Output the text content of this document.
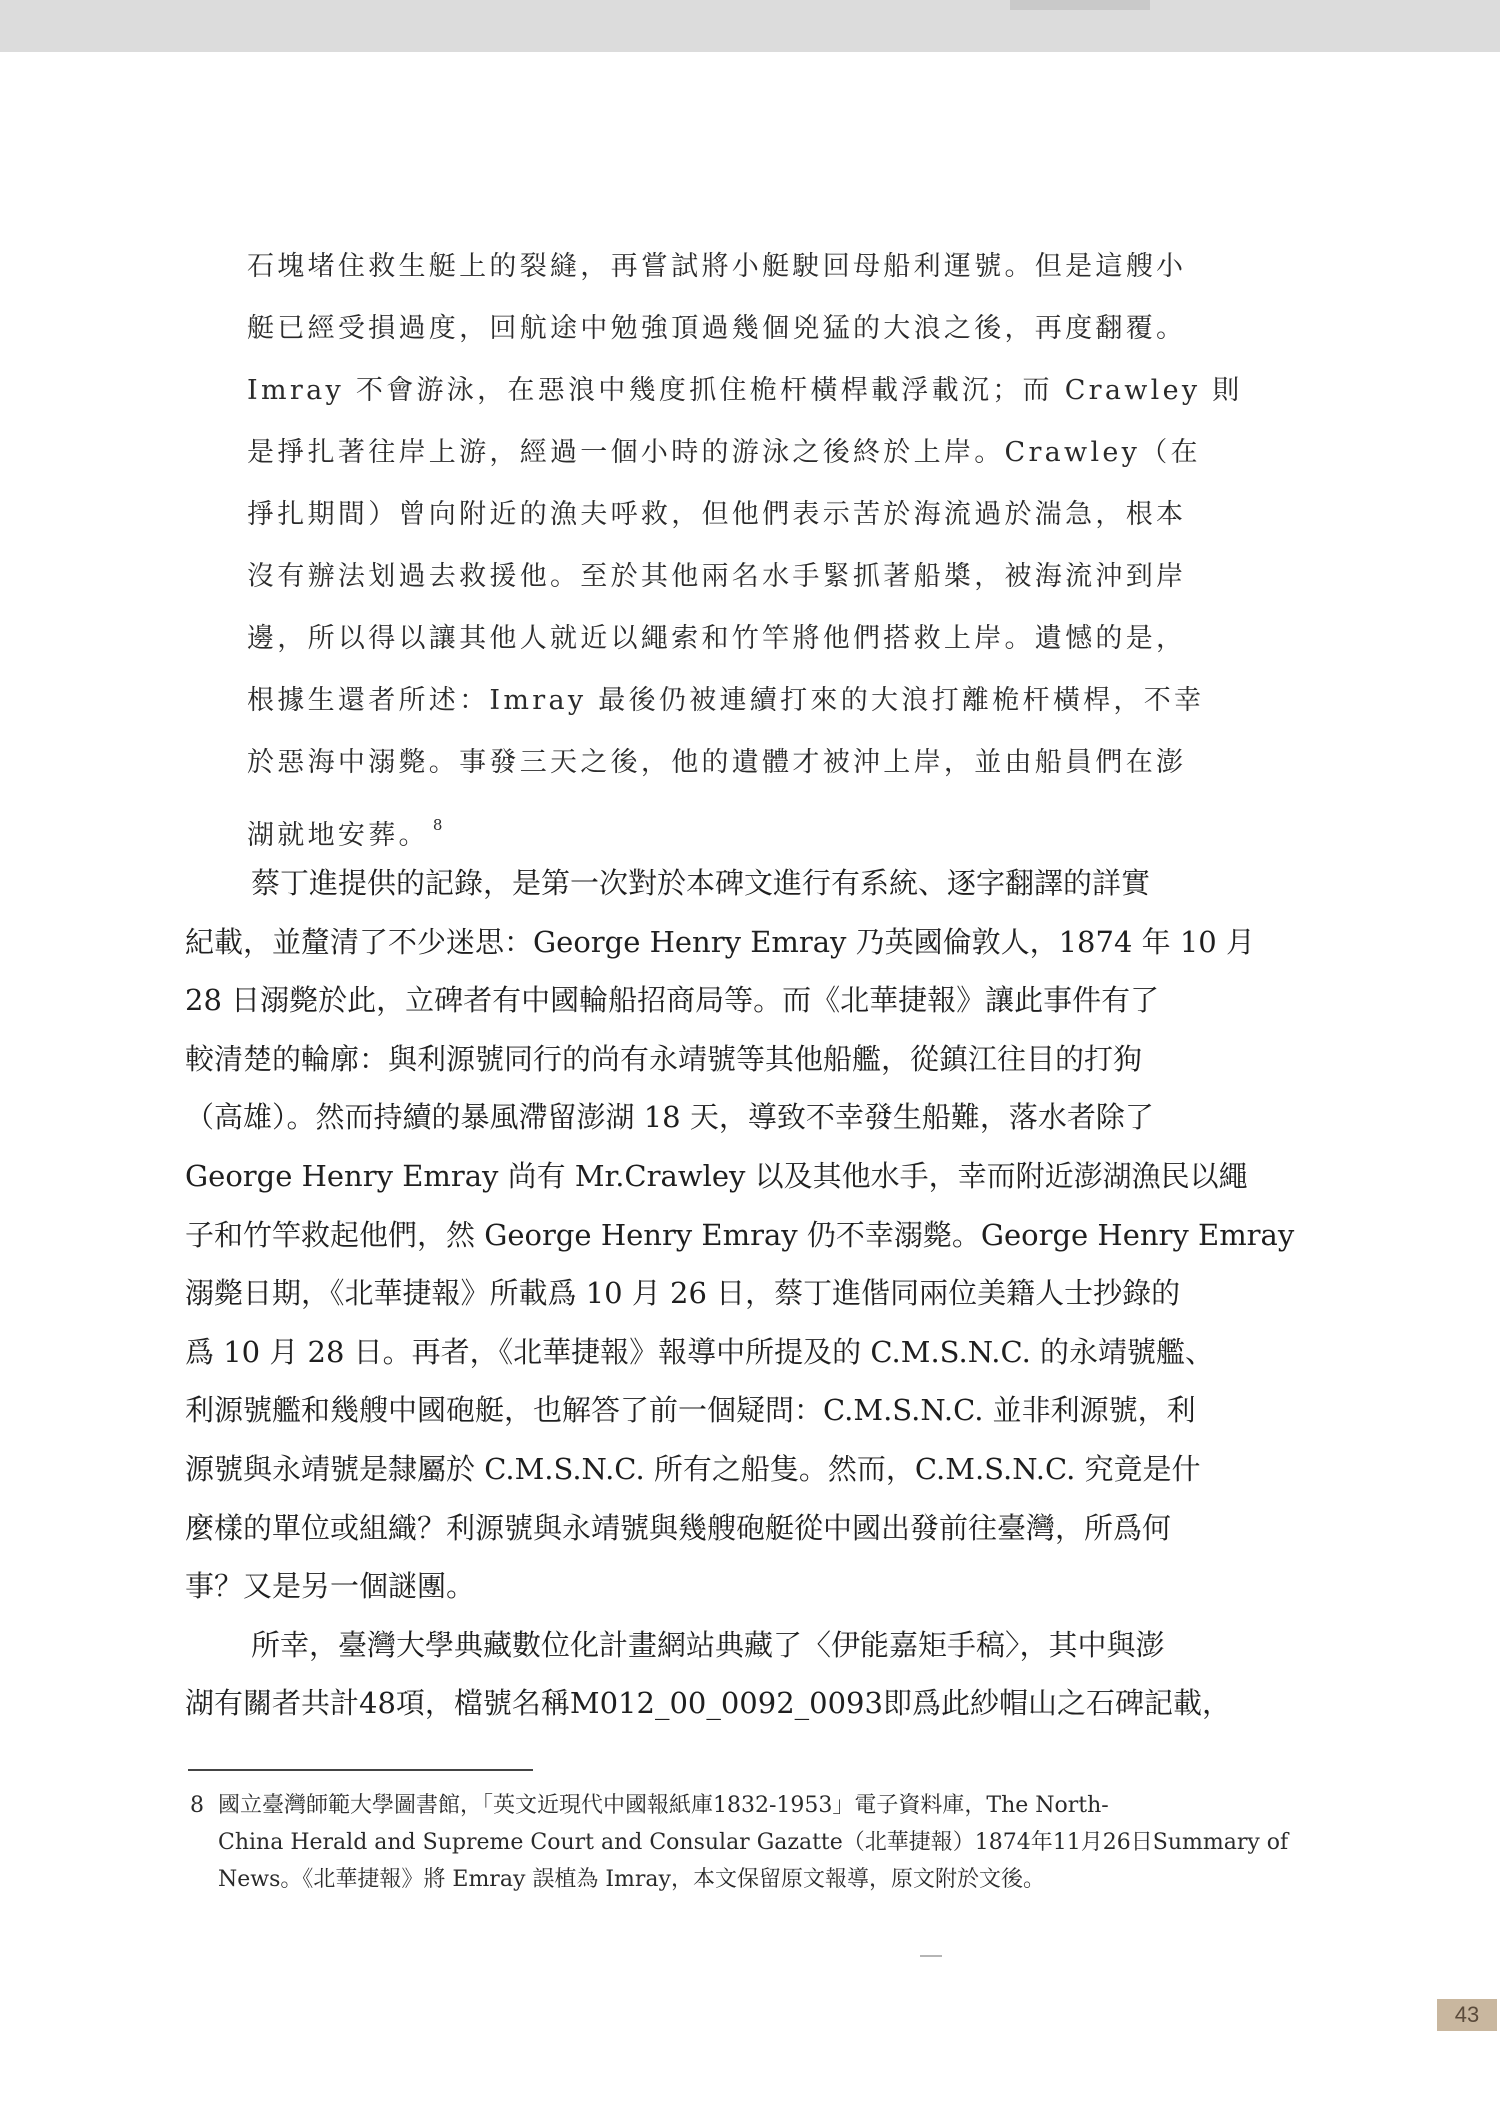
石塊堵住救生艇上的裂縫，再嘗試將小艇駛回母船利運號。但是這艘小
艇已經受損過度，回航途中勉強頂過幾個兇猛的大浪之後，再度翻覆。
Imray 不會游泳，在惡浪中幾度抓住桅杆橫桿載浮載沉；而 Crawley 則
是掙扎著往岸上游，經過一個小時的游泳之後終於上岸。Crawley（在
掙扎期間）曾向附近的漁夫呼救，但他們表示苦於海流過於湍急，根本
沒有辦法划過去救援他。至於其他兩名水手緊抓著船槳，被海流沖到岸
邊，所以得以讓其他人就近以繩索和竹竿將他們搭救上岸。遺憾的是，
根據生還者所述：Imray 最後仍被連續打來的大浪打離桅杆橫桿，不幸
於惡海中溺斃。事發三天之後，他的遺體才被沖上岸，並由船員們在澎
湖就地安葬。 $^8$
蔡丁進提供的記錄，是第一次對於本碑文進行有系統、逐字翻譯的詳實
紀載，並釐清了不少迷思：George Henry Emray 乃英國倫敦人，1874 年 10 月
28 日溺斃於此，立碑者有中國輪船招商局等。而《北華捷報》讓此事件有了
較清楚的輪廓：與利源號同行的尚有永靖號等其他船艦，從鎮江往目的打狗
（高雄）。然而持續的暴風滯留澎湖 18 天，導致不幸發生船難，落水者除了
George Henry Emray 尚有 Mr.Crawley 以及其他水手，幸而附近澎湖漁民以繩
子和竹竿救起他們，然 George Henry Emray 仍不幸溺斃。George Henry Emray
溺斃日期，《北華捷報》所載爲 10 月 26 日，蔡丁進偕同兩位美籍人士抄錄的
爲 10 月 28 日。再者，《北華捷報》報導中所提及的 C.M.S.N.C. 的永靖號艦、
利源號艦和幾艘中國砲艇，也解答了前一個疑問：C.M.S.N.C. 並非利源號，利
源號與永靖號是隸屬於 C.M.S.N.C. 所有之船隻。然而，C.M.S.N.C. 究竟是什
麼樣的單位或組織？利源號與永靖號與幾艘砲艇從中國出發前往臺灣，所爲何
事？又是另一個謎團。
所幸，臺灣大學典藏數位化計畫網站典藏了〈伊能嘉矩手稿〉，其中與澎
湖有關者共計48項，檔號名稱M012_00_0092_0093即爲此紗帽山之石碑記載，
8 國立臺灣師範大學圖書館，「英文近現代中國報紙庫1832-1953」電子資料庫，The North-
China Herald and Supreme Court and Consular Gazatte（北華捷報）1874年11月26日Summary of
News。《北華捷報》將 Emray 誤植為 Imray，本文保留原文報導，原文附於文後。
43
